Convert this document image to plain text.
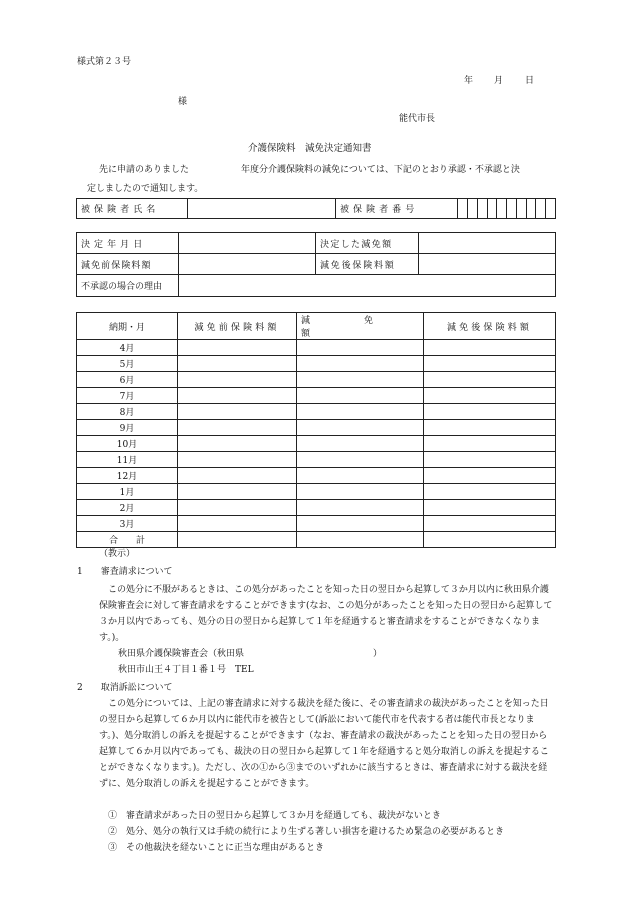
様式第２３号
年 月 日
様
能代市長
介護保険料　減免決定通知書
先に申請のありました	年度分介護保険料の減免については、下記のとおり承認・不承認と決
定しましたので通知します。
被保険者氏名		被保険者番号										
決定年月日		決定した減免額	
減免前保険料額		減免後保険料額	
不承認の場合の理由			
納期・月	減免前保険料額	減　　　　　　免　　　　　　額	減免後保険料額
4月			
5月			
6月			
7月			
8月			
9月			
10月			
11月			
12月			
1月			
2月			
3月			
合　　計			
（教示）
1　　審査請求について
この処分に不服があるときは、この処分があったことを知った日の翌日から起算して３か月以内に秋田県介護保険審査会に対して審査請求をすることができます(なお、この処分があったことを知った日の翌日から起算して３か月以内であっても、処分の日の翌日から起算して１年を経過すると審査請求をすることができなくなります。)。
秋田県介護保険審査会（秋田県	）
秋田市山王４丁目１番１号　TEL
2　　取消訴訟について
この処分については、上記の審査請求に対する裁決を経た後に、その審査請求の裁決があったことを知った日の翌日から起算して６か月以内に能代市を被告として(訴訟において能代市を代表する者は能代市長となります。)、処分取消しの訴えを提起することができます（なお、審査請求の裁決があったことを知った日の翌日から起算して６か月以内であっても、裁決の日の翌日から起算して１年を経過すると処分取消しの訴えを提起することができなくなります。)。ただし、次の①から③までのいずれかに該当するときは、審査請求に対する裁決を経ずに、処分取消しの訴えを提起することができます。
①　審査請求があった日の翌日から起算して３か月を経過しても、裁決がないとき
②　処分、処分の執行又は手続の続行により生ずる著しい損害を避けるため緊急の必要があるとき
③　その他裁決を経ないことに正当な理由があるとき
